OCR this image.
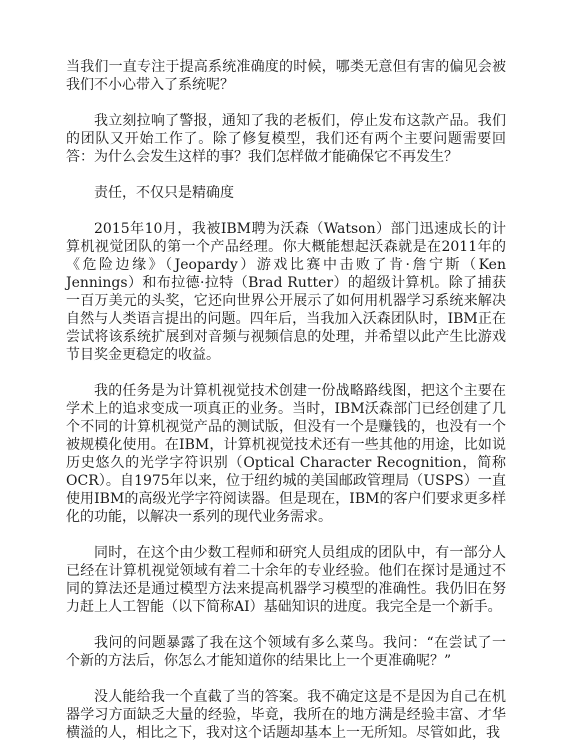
当我们一直专注于提高系统准确度的时候，哪类无意但有害的偏见会被我们不小心带入了系统呢？

我立刻拉响了警报，通知了我的老板们，停止发布这款产品。我们的团队又开始工作了。除了修复模型，我们还有两个主要问题需要回答：为什么会发生这样的事？我们怎样做才能确保它不再发生？

责任，不仅只是精确度

2015年10月，我被IBM聘为沃森（Watson）部门迅速成长的计算机视觉团队的第一个产品经理。你大概能想起沃森就是在2011年的《危险边缘》（Jeopardy）游戏比赛中击败了肯·詹宁斯（Ken Jennings）和布拉德·拉特（Brad Rutter）的超级计算机。除了捕获一百万美元的头奖，它还向世界公开展示了如何用机器学习系统来解决自然与人类语言提出的问题。四年后，当我加入沃森团队时，IBM正在尝试将该系统扩展到对音频与视频信息的处理，并希望以此产生比游戏节目奖金更稳定的收益。

我的任务是为计算机视觉技术创建一份战略路线图，把这个主要在学术上的追求变成一项真正的业务。当时，IBM沃森部门已经创建了几个不同的计算机视觉产品的测试版，但没有一个是赚钱的，也没有一个被规模化使用。在IBM，计算机视觉技术还有一些其他的用途，比如说历史悠久的光学字符识别（Optical Character Recognition，简称OCR）。自1975年以来，位于纽约城的美国邮政管理局（USPS）一直使用IBM的高级光学字符阅读器。但是现在，IBM的客户们要求更多样化的功能，以解决一系列的现代业务需求。

同时，在这个由少数工程师和研究人员组成的团队中，有一部分人已经在计算机视觉领域有着二十余年的专业经验。他们在探讨是通过不同的算法还是通过模型方法来提高机器学习模型的准确性。我仍旧在努力赶上人工智能（以下简称AI）基础知识的进度。我完全是一个新手。

我问的问题暴露了我在这个领域有多么菜鸟。我问：“在尝试了一个新的方法后，你怎么才能知道你的结果比上一个更准确呢？”

没人能给我一个直截了当的答案。我不确定这是不是因为自己在机器学习方面缺乏大量的经验，毕竟，我所在的地方满是经验丰富、才华横溢的人，相比之下，我对这个话题却基本上一无所知。尽管如此，我
